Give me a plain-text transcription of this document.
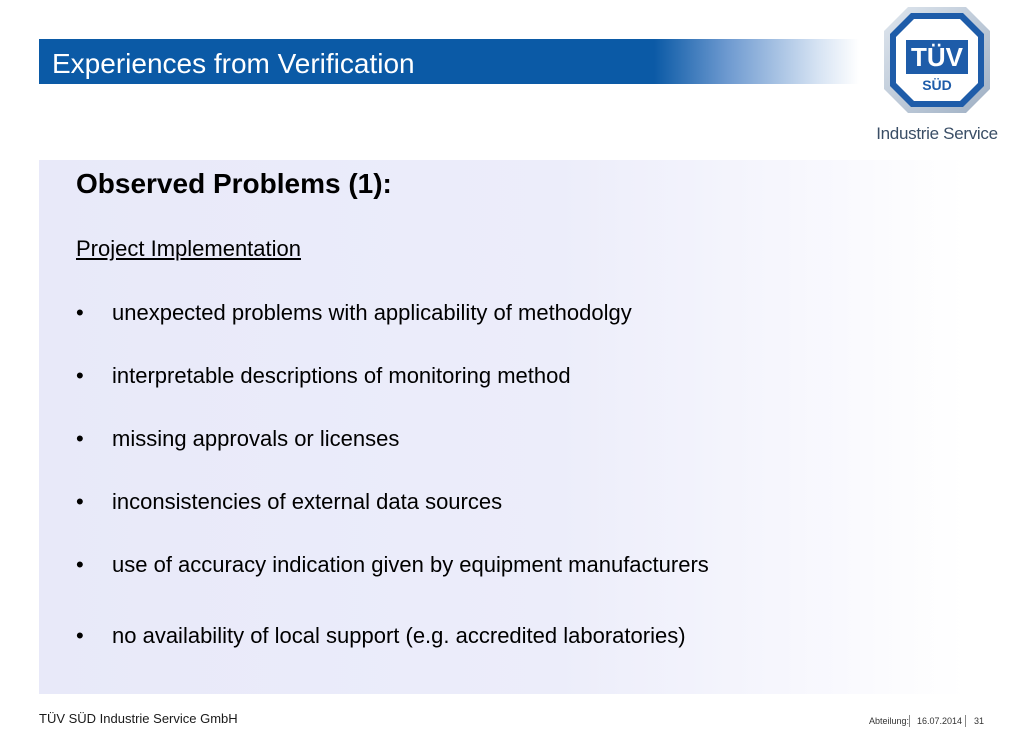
Experiences from Verification	TÜV
SÜD
Industrie Service
Observed Problems (1):
Project Implementation
• unexpected problems with applicability of methodolgy
• interpretable descriptions of monitoring method
• missing approvals or licenses
• inconsistencies of external data sources
• use of accuracy indication given by equipment manufacturers
• no availability of local support (e.g. accredited laboratories)
TÜV SÜD Industrie Service GmbH	Abteilung: 16.07.2014 31
